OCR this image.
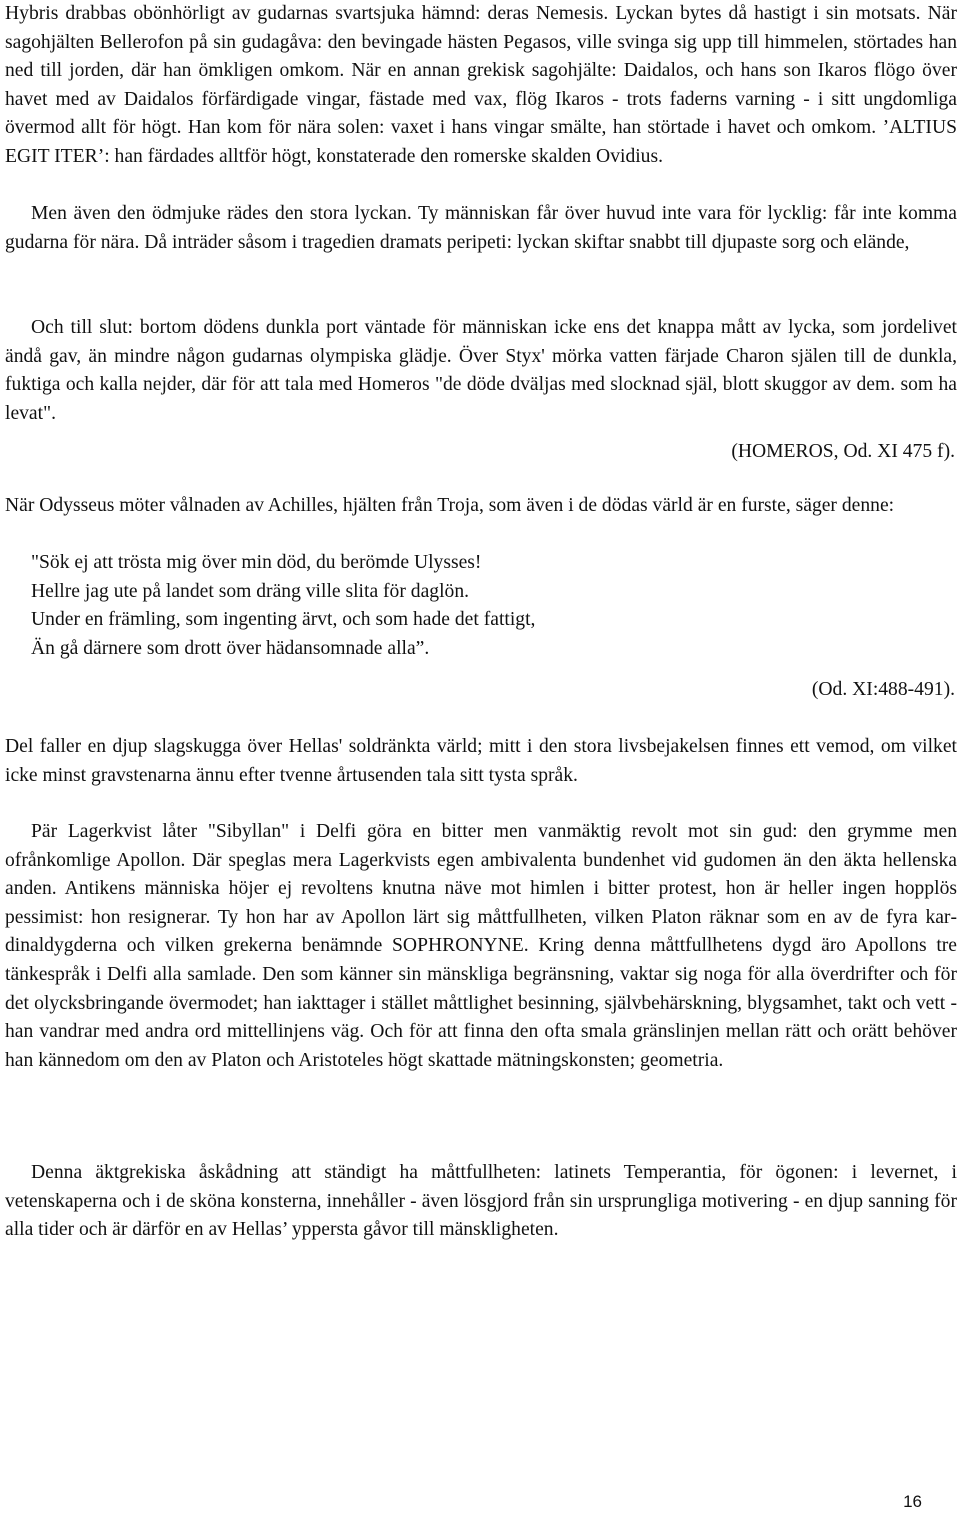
Hybris drabbas obönhörligt av gudarnas svartsjuka hämnd: deras Nemesis. Lyckan bytes då hastigt i sin motsats. När sagohjälten Bellerofon på sin gudagåva: den bevingade hästen Pegasos, ville svinga sig upp till himmelen, störtades han ned till jorden, där han ömkligen omkom. När en annan grekisk sagohjälte: Daidalos, och hans son Ikaros flögo över havet med av Daidalos förfärdigade vingar, fästade med vax, flög Ikaros - trots faderns varning - i sitt ungdomliga övermod allt för högt. Han kom för nära solen: vaxet i hans vingar smälte, han störtade i havet och omkom. ’ALTIUS EGIT ITER’: han färdades alltför högt, konstaterade den romerske skalden Ovidius.

Men även den ödmjuke rädes den stora lyckan. Ty människan får över huvud inte vara för lycklig: får inte komma gudarna för nära. Då inträder såsom i tragedien dramats peripeti: lyckan skiftar snabbt till djupaste sorg och elände,

Och till slut: bortom dödens dunkla port väntade för människan icke ens det knappa mått av lycka, som jordelivet ändå gav, än mindre någon gudarnas olympiska glädje. Över Styx' mörka vatten färjade Charon själen till de dunkla, fuktiga och kalla nejder, där för att tala med Homeros "de döde dväljas med slocknad själ, blott skuggor av dem. som ha levat".

(HOMEROS, Od. XI 475 f).

När Odysseus möter vålnaden av Achilles, hjälten från Troja, som även i de dödas värld är en furste, säger denne:

"Sök ej att trösta mig över min död, du berömde Ulysses!
Hellre jag ute på landet som dräng ville slita för daglön.
Under en främling, som ingenting ärvt, och som hade det fattigt,
Än gå därnere som drott över hädansomnade alla”.

(Od. XI:488-491).

Del faller en djup slagskugga över Hellas' soldränkta värld; mitt i den stora livsbejakelsen finnes ett vemod, om vilket icke minst gravstenarna ännu efter tvenne årtusenden tala sitt tysta språk.

Pär Lagerkvist låter "Sibyllan" i Delfi göra en bitter men vanmäktig revolt mot sin gud: den grymme men ofrånkomlige Apollon. Där speglas mera Lagerkvists egen ambivalenta bundenhet vid gudomen än den äkta hellenska anden. Antikens människa höjer ej revoltens knutna näve mot himlen i bitter protest, hon är heller ingen hopplös pessimist: hon resignerar. Ty hon har av Apollon lärt sig måttfullheten, vilken Platon räknar som en av de fyra kardinaldygderna och vilken grekerna benämnde SOPHRONYNE. Kring denna måttfullhetens dygd äro Apollons tre tänkespråk i Delfi alla samlade. Den som känner sin mänskliga begränsning, vaktar sig noga för alla överdrifter och för det olycksbringande övermodet; han iakttager i stället måttlighet besinning, självbehärskning, blygsamhet, takt och vett - han vandrar med andra ord mittellinjens väg. Och för att finna den ofta smala gränslinjen mellan rätt och orätt behöver han kännedom om den av Platon och Aristoteles högt skattade mätningskonsten; geometria.

Denna äktgrekiska åskådning att ständigt ha måttfullheten: latinets Temperantia, för ögonen: i levernet, i vetenskaperna och i de sköna konsterna, innehåller - även lösgjord från sin ursprungliga motivering - en djup sanning för alla tider och är därför en av Hellas’ yppersta gåvor till mänskligheten.

16
